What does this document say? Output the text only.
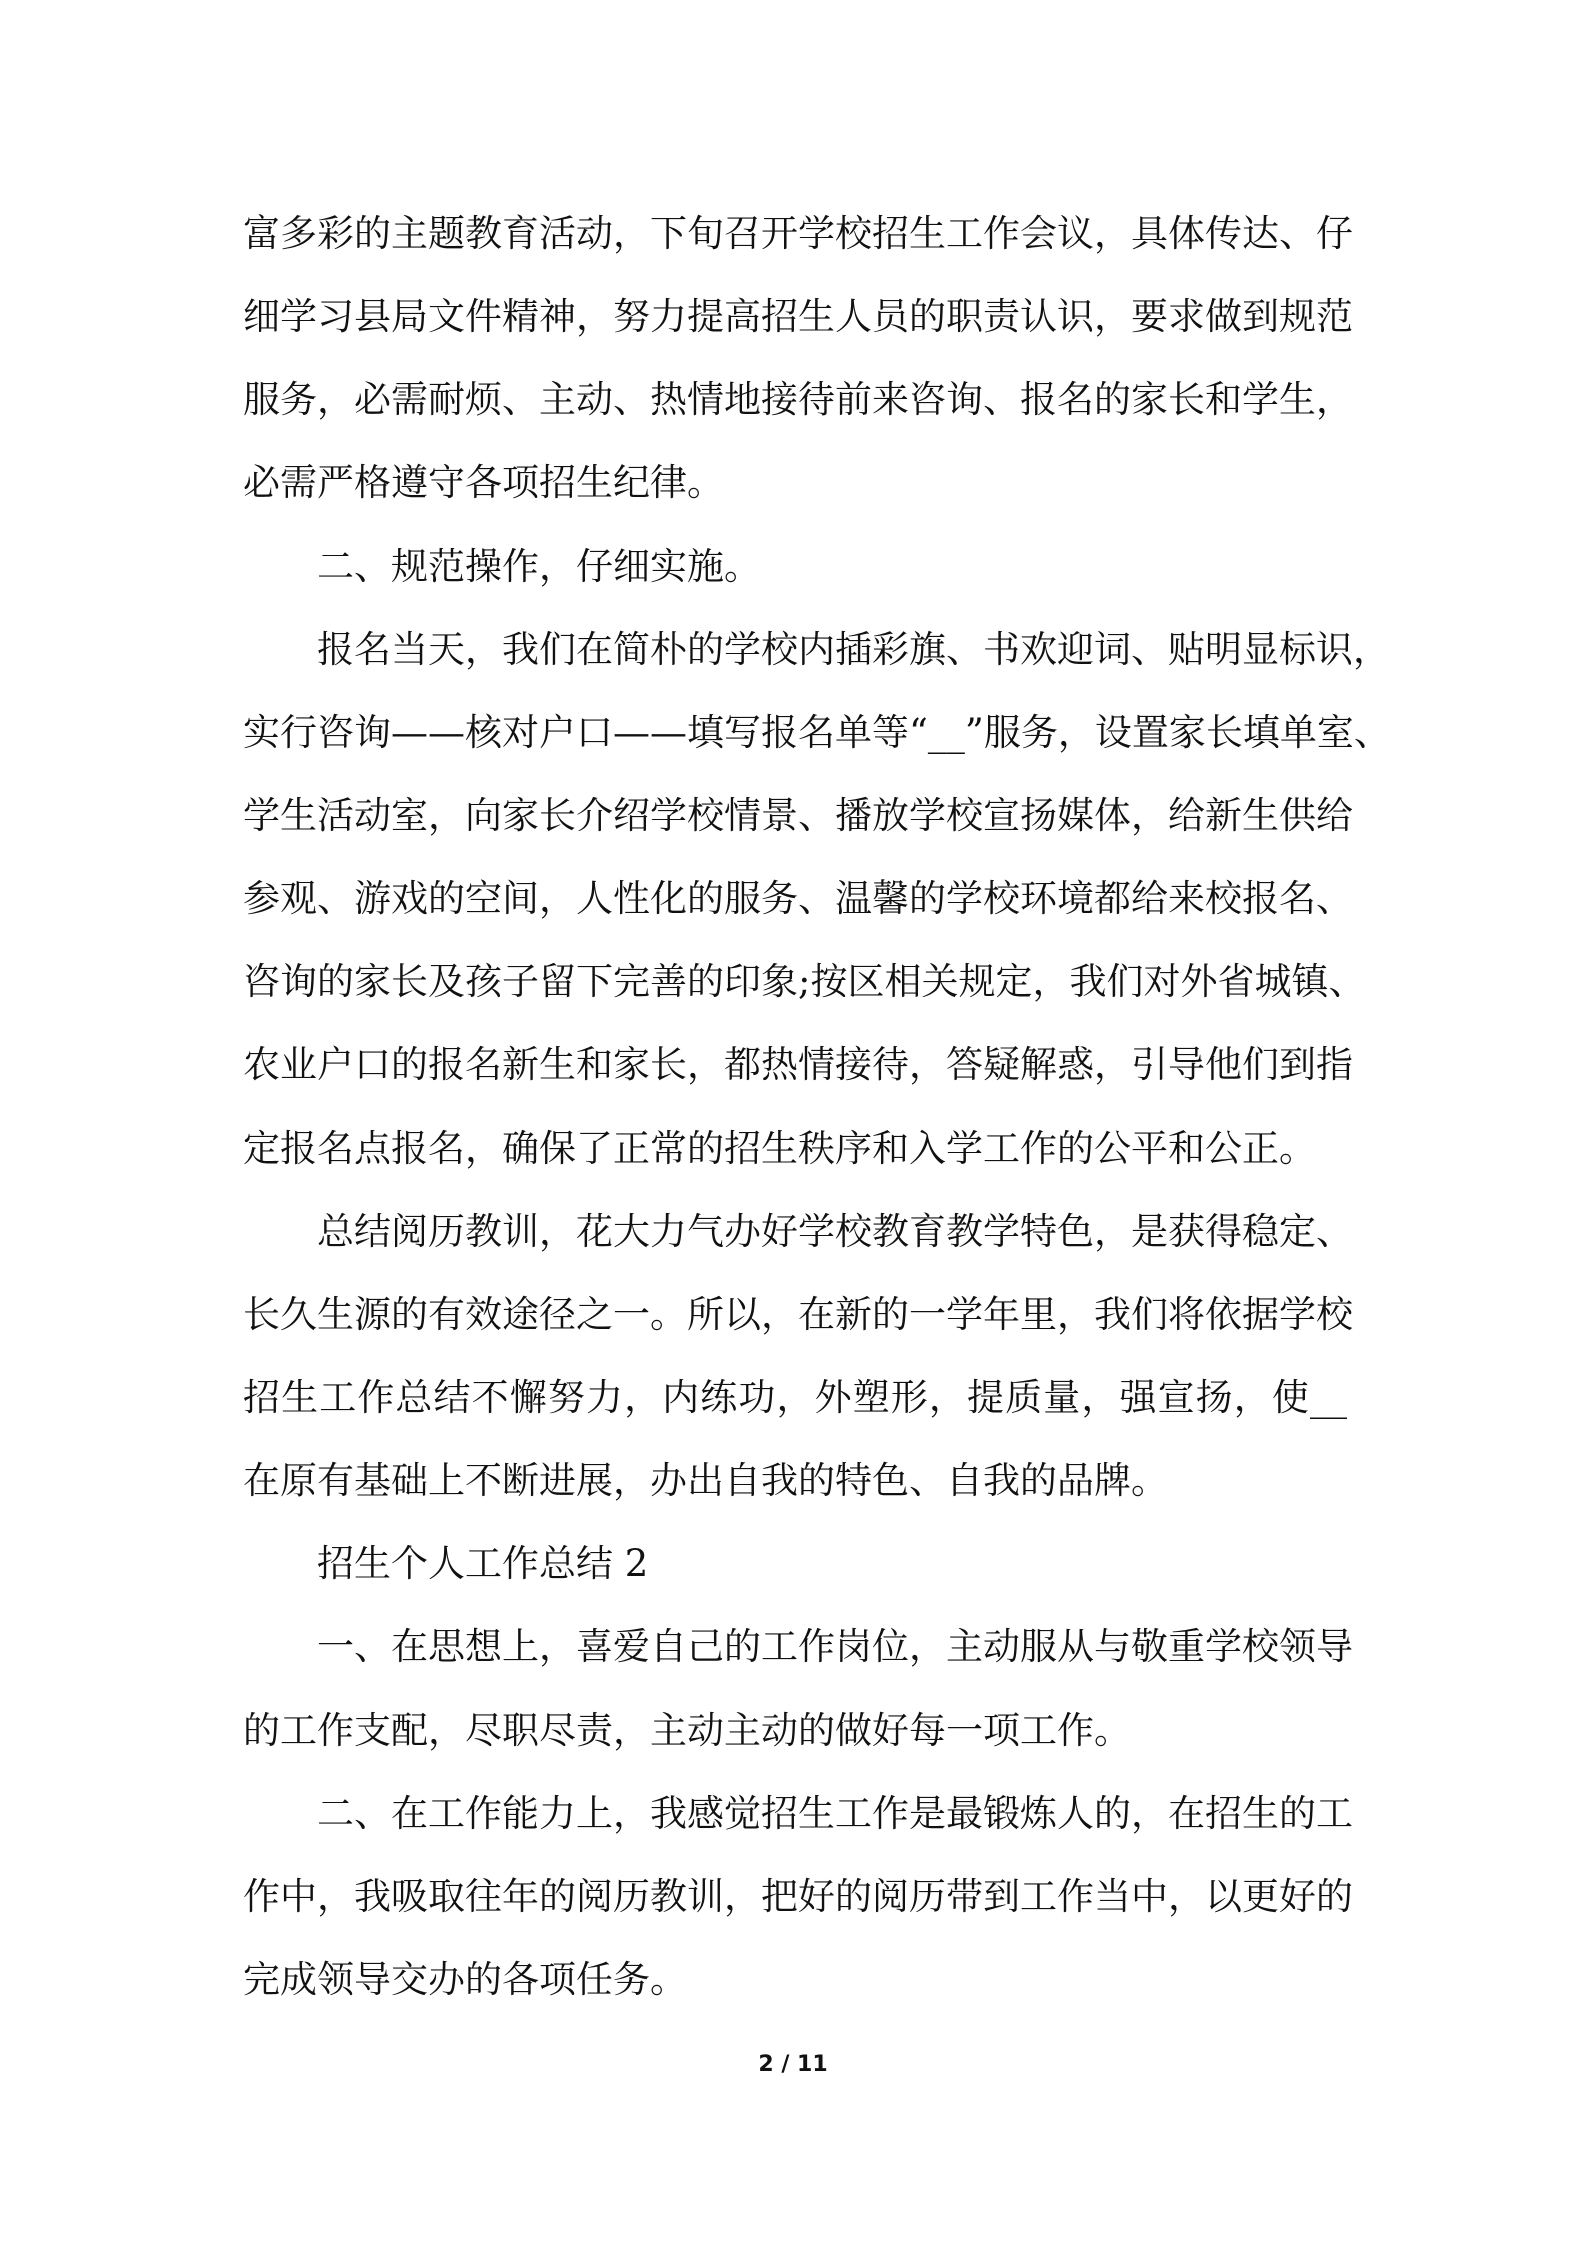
富多彩的主题教育活动，下旬召开学校招生工作会议，具体传达、仔
细学习县局文件精神，努力提高招生人员的职责认识，要求做到规范
服务，必需耐烦、主动、热情地接待前来咨询、报名的家长和学生，
必需严格遵守各项招生纪律。
二、规范操作，仔细实施。
报名当天，我们在简朴的学校内插彩旗、书欢迎词、贴明显标识，
实行咨询——核对户口——填写报名单等“__”服务，设置家长填单室、
学生活动室，向家长介绍学校情景、播放学校宣扬媒体，给新生供给
参观、游戏的空间，人性化的服务、温馨的学校环境都给来校报名、
咨询的家长及孩子留下完善的印象;按区相关规定，我们对外省城镇、
农业户口的报名新生和家长，都热情接待，答疑解惑，引导他们到指
定报名点报名，确保了正常的招生秩序和入学工作的公平和公正。
总结阅历教训，花大力气办好学校教育教学特色，是获得稳定、
长久生源的有效途径之一。所以，在新的一学年里，我们将依据学校
招生工作总结不懈努力，内练功，外塑形，提质量，强宣扬，使__
在原有基础上不断进展，办出自我的特色、自我的品牌。
招生个人工作总结 2
一、在思想上，喜爱自己的工作岗位，主动服从与敬重学校领导
的工作支配，尽职尽责，主动主动的做好每一项工作。
二、在工作能力上，我感觉招生工作是最锻炼人的，在招生的工
作中，我吸取往年的阅历教训，把好的阅历带到工作当中，以更好的
完成领导交办的各项任务。
2 / 11
